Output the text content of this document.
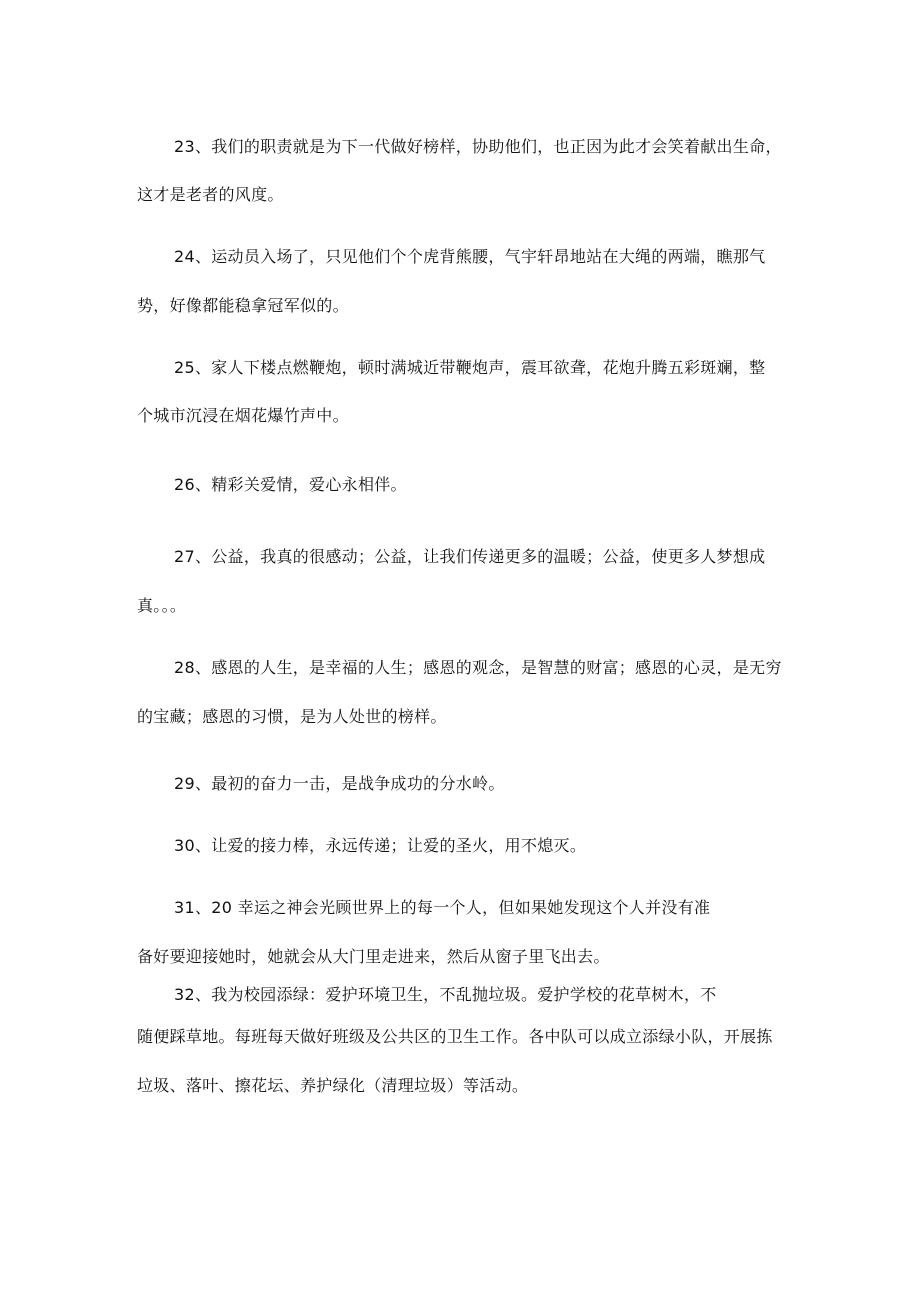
23、我们的职责就是为下一代做好榜样，协助他们，也正因为此才会笑着献出生命，
这才是老者的风度。
24、运动员入场了，只见他们个个虎背熊腰，气宇轩昂地站在大绳的两端，瞧那气
势，好像都能稳拿冠军似的。
25、家人下楼点燃鞭炮，顿时满城近带鞭炮声，震耳欲聋，花炮升腾五彩斑斓，整
个城市沉浸在烟花爆竹声中。
26、精彩关爱情，爱心永相伴。
27、公益，我真的很感动；公益，让我们传递更多的温暖；公益，使更多人梦想成
真。。。
28、感恩的人生，是幸福的人生；感恩的观念，是智慧的财富；感恩的心灵，是无穷
的宝藏；感恩的习惯，是为人处世的榜样。
29、最初的奋力一击，是战争成功的分水岭。
30、让爱的接力棒，永远传递；让爱的圣火，用不熄灭。
31、20 幸运之神会光顾世界上的每一个人，但如果她发现这个人并没有准
备好要迎接她时，她就会从大门里走进来，然后从窗子里飞出去。
32、我为校园添绿：爱护环境卫生，不乱抛垃圾。爱护学校的花草树木，不
随便踩草地。每班每天做好班级及公共区的卫生工作。各中队可以成立添绿小队，开展拣
垃圾、落叶、擦花坛、养护绿化（清理垃圾）等活动。
